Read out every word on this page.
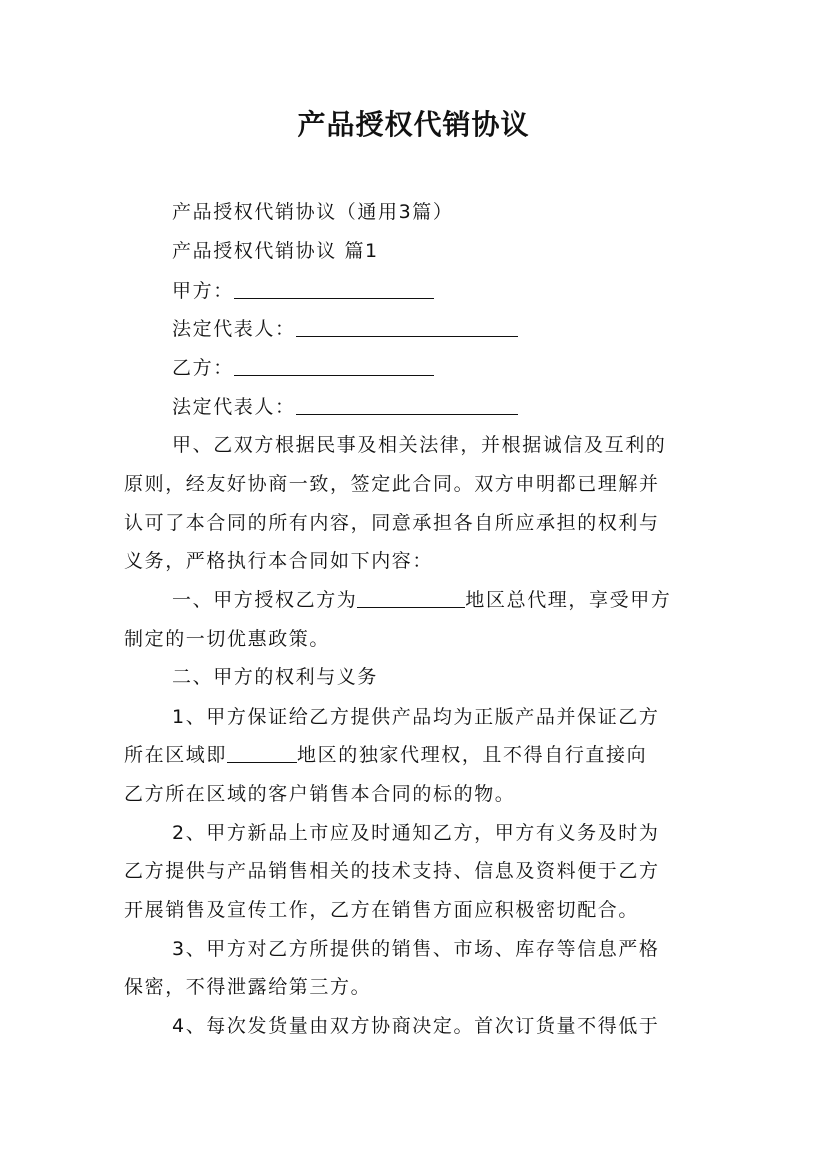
产品授权代销协议
产品授权代销协议（通用3篇）
产品授权代销协议 篇1
甲方：
法定代表人：
乙方：
法定代表人：
甲、乙双方根据民事及相关法律，并根据诚信及互利的
原则，经友好协商一致，签定此合同。双方申明都已理解并
认可了本合同的所有内容，同意承担各自所应承担的权利与
义务，严格执行本合同如下内容：
一、甲方授权乙方为	地区总代理，享受甲方
制定的一切优惠政策。
二、甲方的权利与义务
1、甲方保证给乙方提供产品均为正版产品并保证乙方
所在区域即	地区的独家代理权，且不得自行直接向
乙方所在区域的客户销售本合同的标的物。
2、甲方新品上市应及时通知乙方，甲方有义务及时为
乙方提供与产品销售相关的技术支持、信息及资料便于乙方
开展销售及宣传工作，乙方在销售方面应积极密切配合。
3、甲方对乙方所提供的销售、市场、库存等信息严格
保密，不得泄露给第三方。
4、每次发货量由双方协商决定。首次订货量不得低于
